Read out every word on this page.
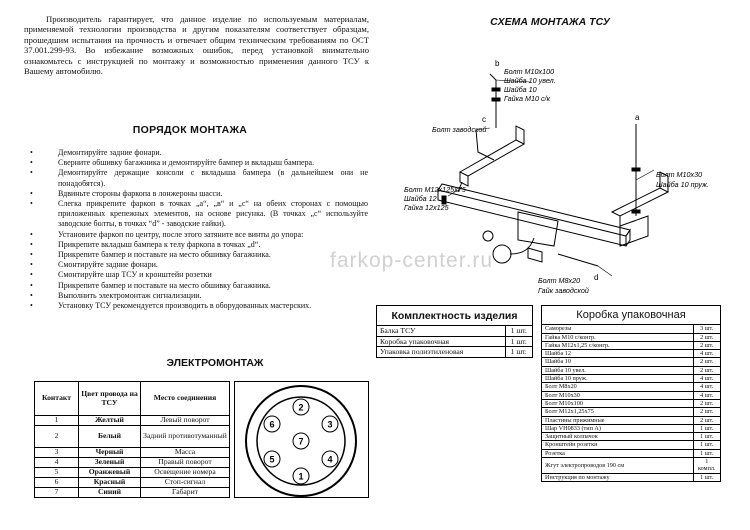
Производитель гарантирует, что данное изделие по используемым материалам, применяемой технологии производства и другим показателям соответствует образцам, прошедшим испытания на прочность и отвечает общим техническим требованиям по ОСТ 37.001.299-93. Во избежание возможных ошибок, перед установкой внимательно ознакомьтесь с инструкцией по монтажу и возможностью применения данного ТСУ к Вашему автомобилю.

ПОРЯДОК МОНТАЖА
• Демонтируйте задние фонари.
• Сверните обшивку багажника и демонтируйте бампер и вкладыш бампера.
• Демонтируйте держащие консоли с вкладыша бампера (в дальнейшем они не понадобятся).
• Вдвиньте стороны фаркопа в лонжероны шасси.
• Слегка прикрепите фаркоп в точках „а“, „в“ и „с“ на обеих сторонах с помощью приложенных крепежных элементов, на основе рисунка. (В точках „с“ используйте заводские болты, в точках “d” - заводские гайки).
• Установите фаркоп по центру, после этого затяните все винты до упора:
• Прикрепите вкладыш бампера к телу фаркопа в точках „d“.
• Прикрепите бампер и поставьте на место обшивку багажника.
• Смонтируйте задние фонари.
• Смонтируйте шар ТСУ и кронштейн розетки
• Прикрепите бампер и поставьте на место обшивку багажника.
• Выполнить электромонтаж сигнализации.
• Установку ТСУ рекомендуется производить в оборудованных мастерских.
ЭЛЕКТРОМОНТАЖ
Контакт	Цвет провода на ТСУ	Место соединения
1	Желтый	Левый поворот
2	Белый	Задний противотуманный
3	Черный	Масса
4	Зеленый	Правый поворот
5	Оранжевый	Освещение номера
6	Красный	Стоп-сигнал
7	Синий	Габарит
2
6	3
7
5	4
1
СХЕМА МОНТАЖА ТСУ
b
c	a
d
Болт M10x100
Шайба 10 увел.
Шайба 10
Гайка M10 с/к
Болт заводской
Болт M12x125x75
Шайба 12
Гайка 12x125
Болт M10x30
Шайба 10 пруж.
Болт M8x20
Гайк заводской
farkop-center.ru
Комплектность изделия
Балка ТСУ	1 шт.
Коробка упаковочная	1 шт.
Упаковка полиэтиленовая	1 шт.
Коробка упаковочная
Саморезы	3 шт.
Гайка M10 с/конгр.	2 шт.
Гайка M12x1,25 с/конгр.	2 шт.
Шайба 12	4 шт.
Шайба 10	2 шт.
Шайба 10 увел.	2 шт.
Шайба 10 пруж.	4 шт.
Болт M8x20	4 шт.
Болт M10x30	4 шт.
Болт M10x100	2 шт.
Болт M12x1,25x75	2 шт.
Пластины прижимные	2 шт.
Шар VH0833 (тип А)	1 шт.
Защитный колпачок	1 шт.
Кронштейн розетки	1 шт.
Розетка	1 шт.
Жгут электропроводов 190 см	1 компл.
Инструкция по монтажу	1 шт.
